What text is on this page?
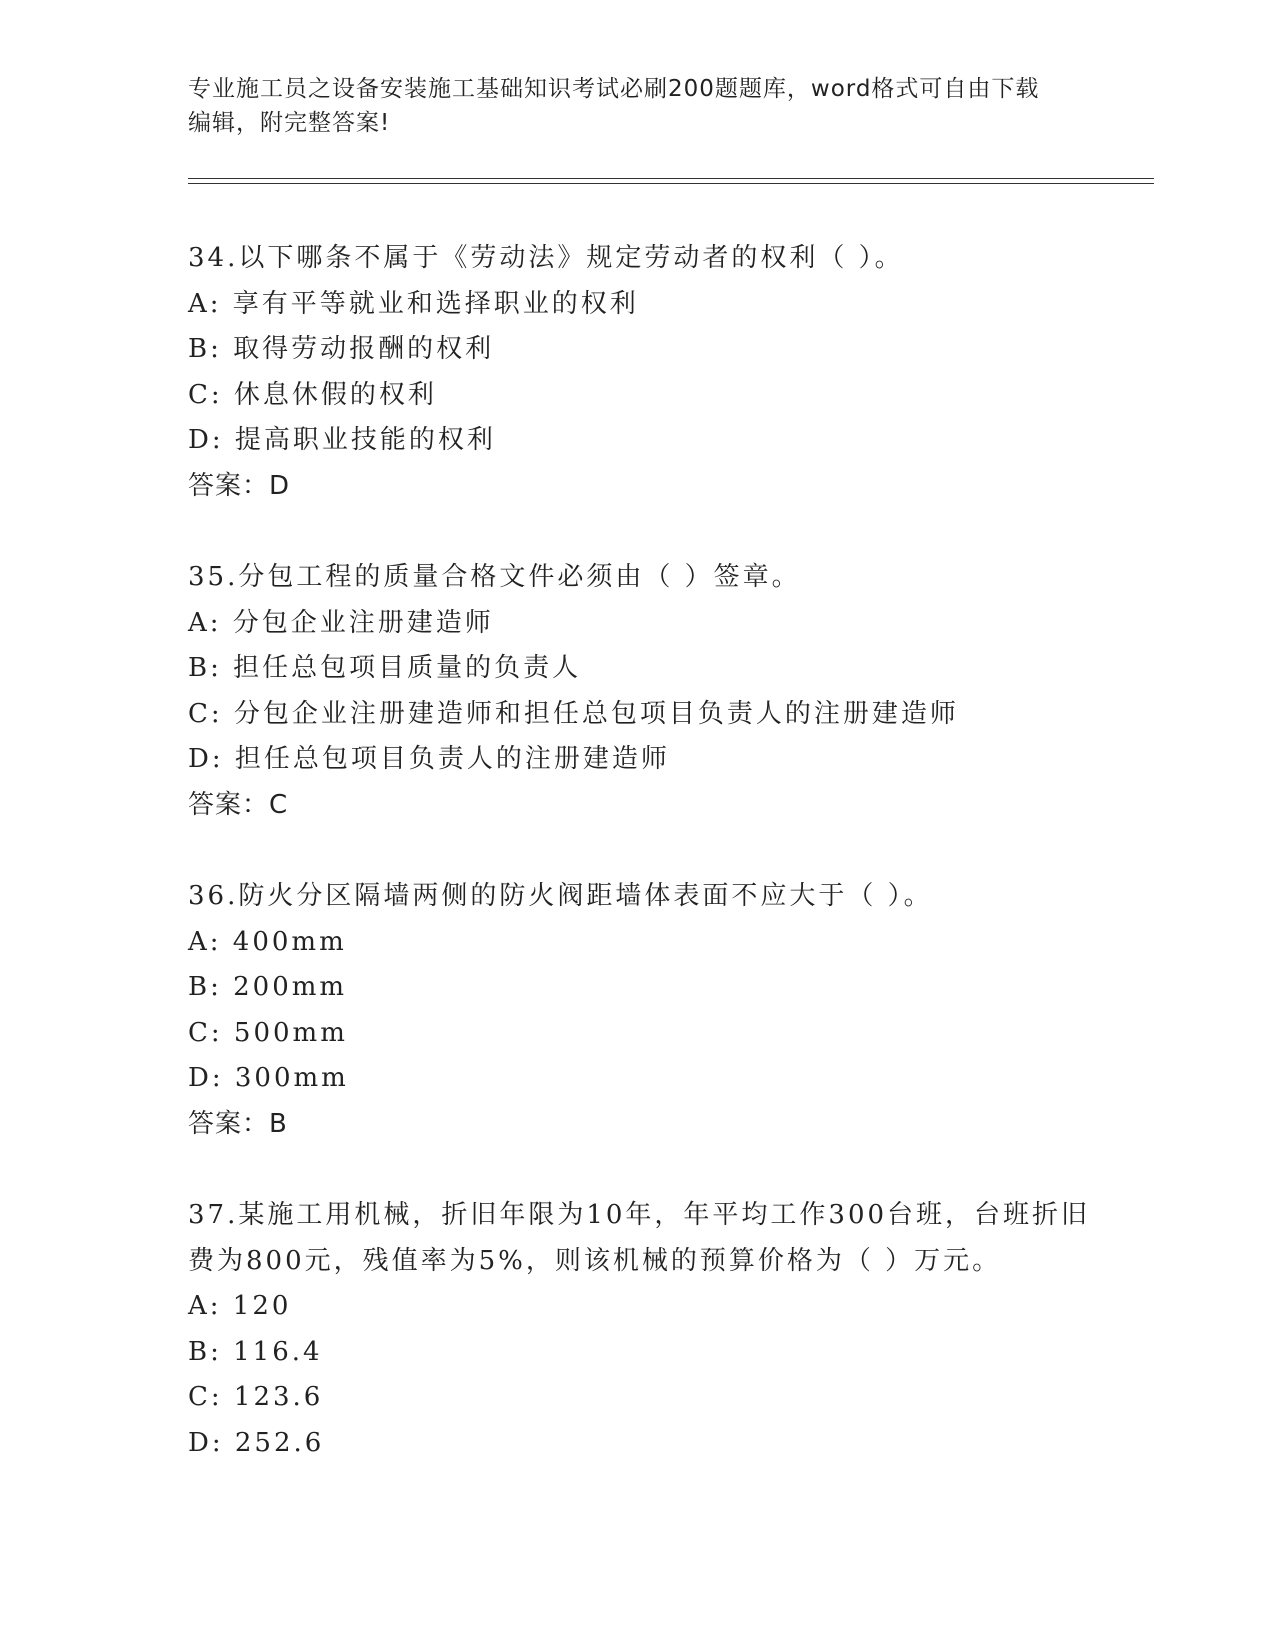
专业施工员之设备安装施工基础知识考试必刷200题题库，word格式可自由下载
编辑，附完整答案!
34.以下哪条不属于《劳动法》规定劳动者的权利（ ）。
A: 享有平等就业和选择职业的权利
B: 取得劳动报酬的权利
C: 休息休假的权利
D: 提高职业技能的权利
答案：D
35.分包工程的质量合格文件必须由（ ）签章。
A: 分包企业注册建造师
B: 担任总包项目质量的负责人
C: 分包企业注册建造师和担任总包项目负责人的注册建造师
D: 担任总包项目负责人的注册建造师
答案：C
36.防火分区隔墙两侧的防火阀距墙体表面不应大于（ ）。
A: 400mm
B: 200mm
C: 500mm
D: 300mm
答案：B
37.某施工用机械，折旧年限为10年，年平均工作300台班，台班折旧费为800元，残值率为5%，则该机械的预算价格为（ ）万元。
A: 120
B: 116.4
C: 123.6
D: 252.6
